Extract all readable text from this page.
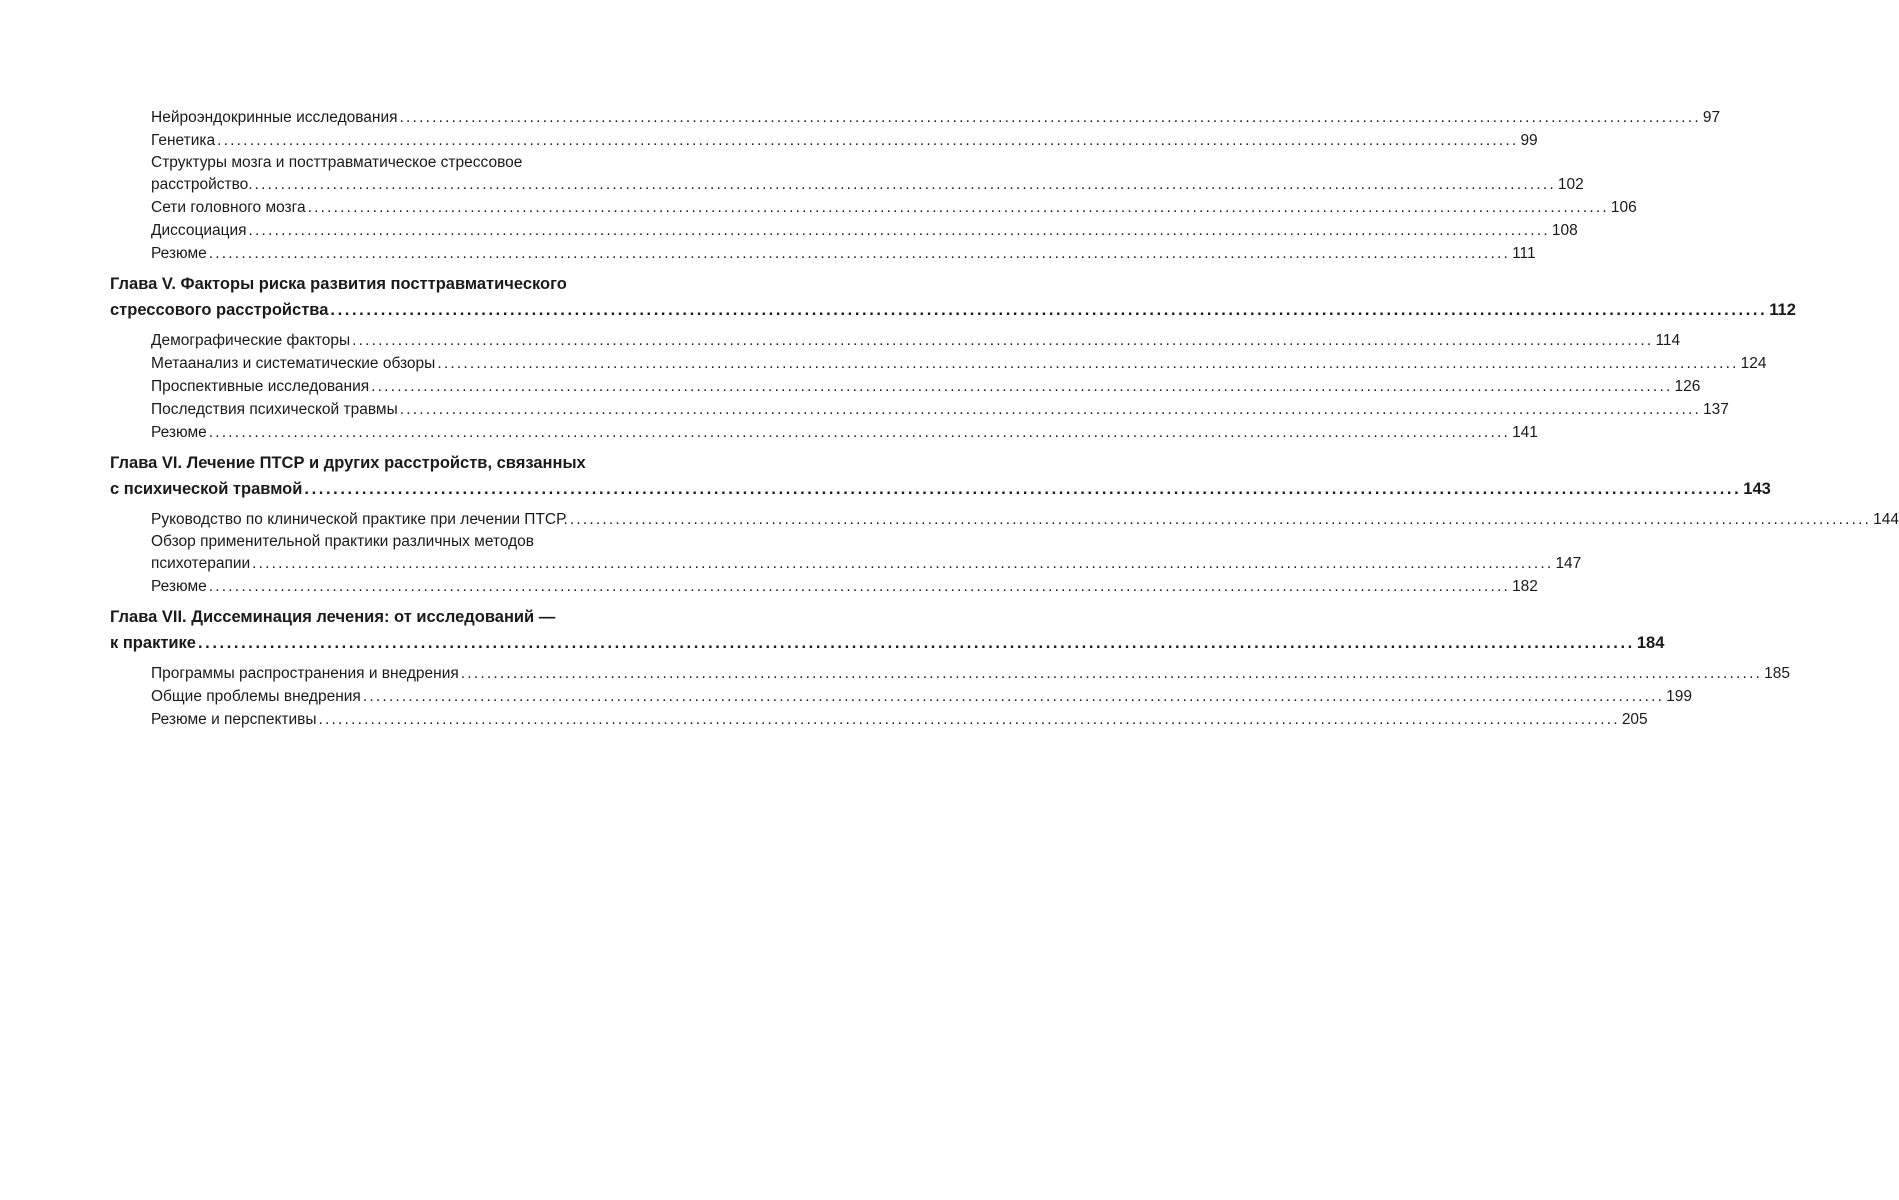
Нейроэндокринные исследования ........................................................................................................................................................................................................ 97
Генетика ........................................................................................................................................................................................................ 99
Структуры мозга и посттравматическое стрессовое
расстройство. ........................................................................................................................................................................................................ 102
Сети головного мозга ........................................................................................................................................................................................................ 106
Диссоциация ........................................................................................................................................................................................................ 108
Резюме ........................................................................................................................................................................................................ 111
Глава V. Факторы риска развития посттравматического
стрессового расстройства ........................................................................................................................................................................................................ 112
Демографические факторы ........................................................................................................................................................................................................ 114
Метаанализ и систематические обзоры ........................................................................................................................................................................................................ 124
Проспективные исследования ........................................................................................................................................................................................................ 126
Последствия психической травмы ........................................................................................................................................................................................................ 137
Резюме ........................................................................................................................................................................................................ 141
Глава VI. Лечение ПТСР и других расстройств, связанных
с психической травмой ........................................................................................................................................................................................................ 143
Руководство по клинической практике при лечении ПТСР. ........................................................................................................................................................................................................ 144
Обзор применительной практики различных методов
психотерапии ........................................................................................................................................................................................................ 147
Резюме ........................................................................................................................................................................................................ 182
Глава VII. Диссеминация лечения: от исследований —
к практике ........................................................................................................................................................................................................ 184
Программы распространения и внедрения ........................................................................................................................................................................................................ 185
Общие проблемы внедрения ........................................................................................................................................................................................................ 199
Резюме и перспективы ........................................................................................................................................................................................................ 205
